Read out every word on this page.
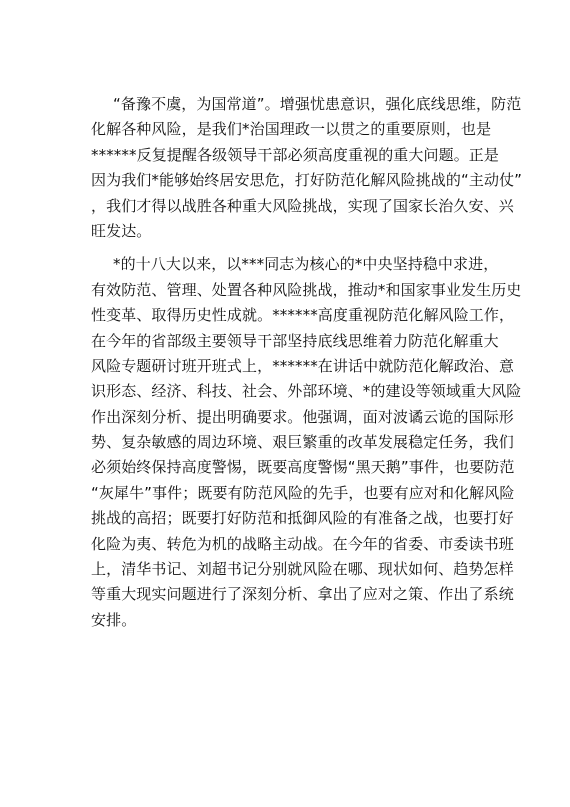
“备豫不虞，为国常道”。增强忧患意识，强化底线思维，防范
化解各种风险，是我们*治国理政一以贯之的重要原则，也是
******反复提醒各级领导干部必须高度重视的重大问题。正是
因为我们*能够始终居安思危，打好防范化解风险挑战的“主动仗”
，我们才得以战胜各种重大风险挑战，实现了国家长治久安、兴
旺发达。
*的十八大以来，以***同志为核心的*中央坚持稳中求进，
有效防范、管理、处置各种风险挑战，推动*和国家事业发生历史
性变革、取得历史性成就。******高度重视防范化解风险工作，
在今年的省部级主要领导干部坚持底线思维着力防范化解重大
风险专题研讨班开班式上，******在讲话中就防范化解政治、意
识形态、经济、科技、社会、外部环境、*的建设等领域重大风险
作出深刻分析、提出明确要求。他强调，面对波谲云诡的国际形
势、复杂敏感的周边环境、艰巨繁重的改革发展稳定任务，我们
必须始终保持高度警惕，既要高度警惕“黑天鹅”事件，也要防范
“灰犀牛”事件；既要有防范风险的先手，也要有应对和化解风险
挑战的高招；既要打好防范和抵御风险的有准备之战，也要打好
化险为夷、转危为机的战略主动战。在今年的省委、市委读书班
上，清华书记、刘超书记分别就风险在哪、现状如何、趋势怎样
等重大现实问题进行了深刻分析、拿出了应对之策、作出了系统
安排。
